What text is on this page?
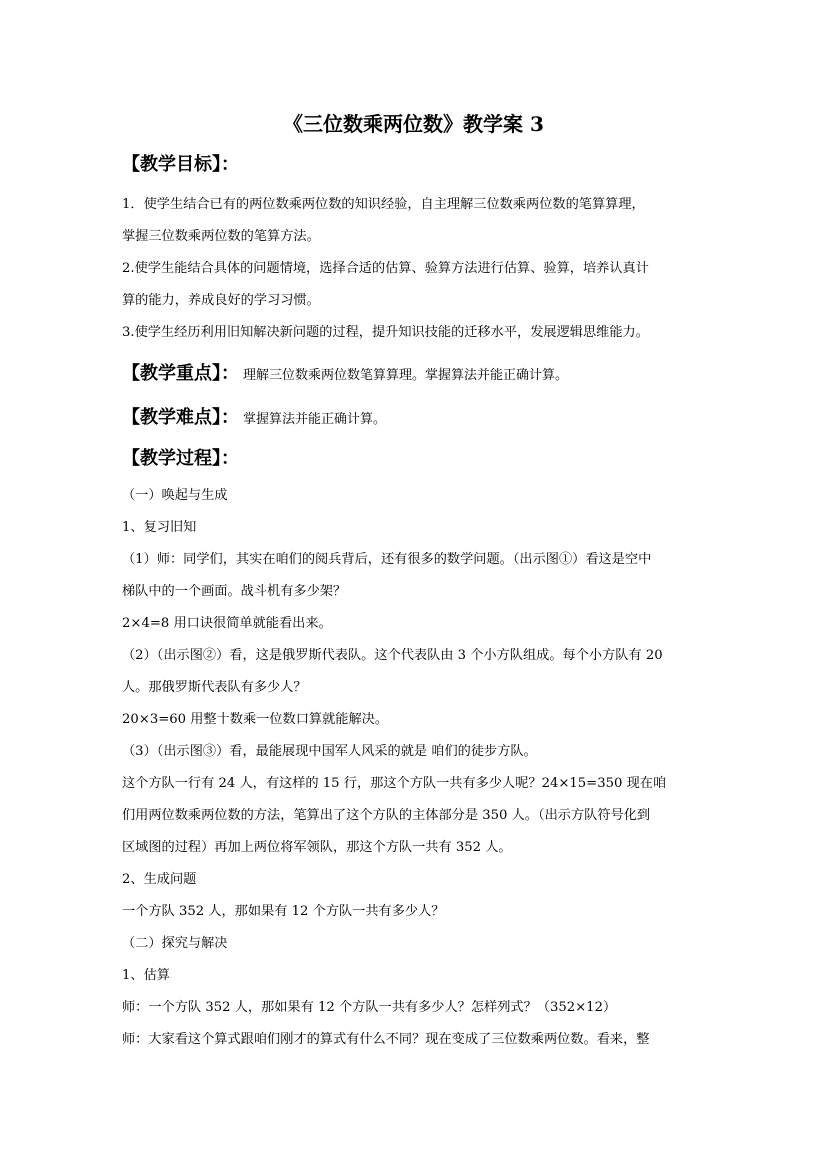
《三位数乘两位数》教学案 3
【教学目标】：
1．使学生结合已有的两位数乘两位数的知识经验，自主理解三位数乘两位数的笔算算理，
掌握三位数乘两位数的笔算方法。
2.使学生能结合具体的问题情境，选择合适的估算、验算方法进行估算、验算，培养认真计
算的能力，养成良好的学习习惯。
3.使学生经历利用旧知解决新问题的过程，提升知识技能的迁移水平，发展逻辑思维能力。
【教学重点】： 理解三位数乘两位数笔算算理。掌握算法并能正确计算。
【教学难点】： 掌握算法并能正确计算。
【教学过程】：
（一）唤起与生成
1、复习旧知
（1）师：同学们，其实在咱们的阅兵背后，还有很多的数学问题。（出示图①）看这是空中
梯队中的一个画面。战斗机有多少架？
2×4=8 用口诀很简单就能看出来。
（2）（出示图②）看，这是俄罗斯代表队。这个代表队由 3 个小方队组成。每个小方队有 20
人。那俄罗斯代表队有多少人？
20×3=60 用整十数乘一位数口算就能解决。
（3）（出示图③）看，最能展现中国军人风采的就是 咱们的徒步方队。
这个方队一行有 24 人，有这样的 15 行，那这个方队一共有多少人呢？24×15=350 现在咱
们用两位数乘两位数的方法，笔算出了这个方队的主体部分是 350 人。（出示方队符号化到
区域图的过程）再加上两位将军领队，那这个方队一共有 352 人。
2、生成问题
一个方队 352 人，那如果有 12 个方队一共有多少人？
（二）探究与解决
1、估算
师：一个方队 352 人，那如果有 12 个方队一共有多少人？怎样列式？（352×12）
师：大家看这个算式跟咱们刚才的算式有什么不同？现在变成了三位数乘两位数。看来，整
